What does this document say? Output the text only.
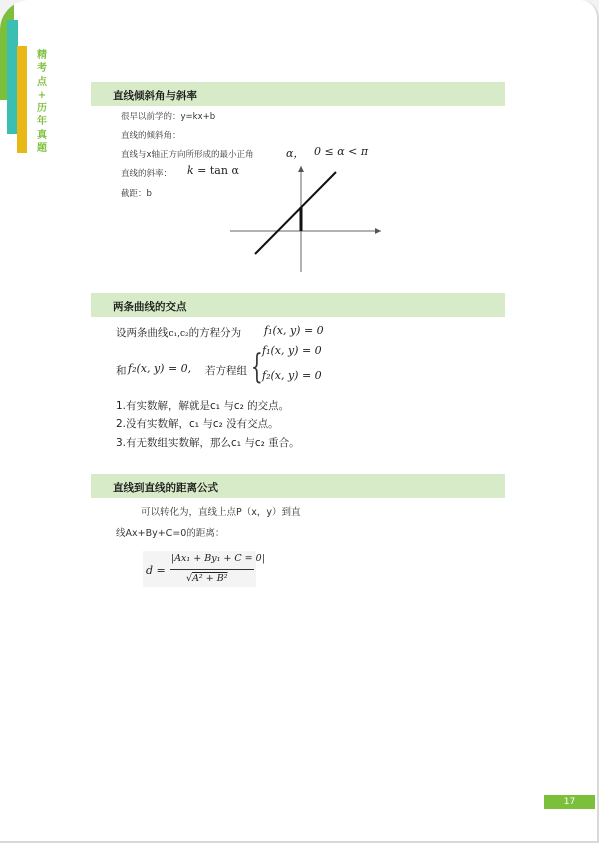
精
考
点
+
历
年
真
题
直线倾斜角与斜率
很早以前学的：y=kx+b
直线的倾斜角：
直线与x轴正方向所形成的最小正角	α， 0 ≤ α < π
直线的斜率： k = tan α
截距：b
两条曲线的交点
设两条曲线c₁,c₂的方程分为 f₁(x, y) = 0
和 f₂(x, y) = 0, 若方程组 { f₁(x, y) = 0
f₂(x, y) = 0
1.有实数解，解就是c₁ 与c₂ 的交点。
2.没有实数解，c₁ 与c₂ 没有交点。
3.有无数组实数解，那么c₁ 与c₂ 重合。
直线到直线的距离公式
可以转化为，直线上点P（x，y）到直
线Ax+By+C=0的距离：
d =
|Ax₁ + By₁ + C = 0|
√A² + B²
17
